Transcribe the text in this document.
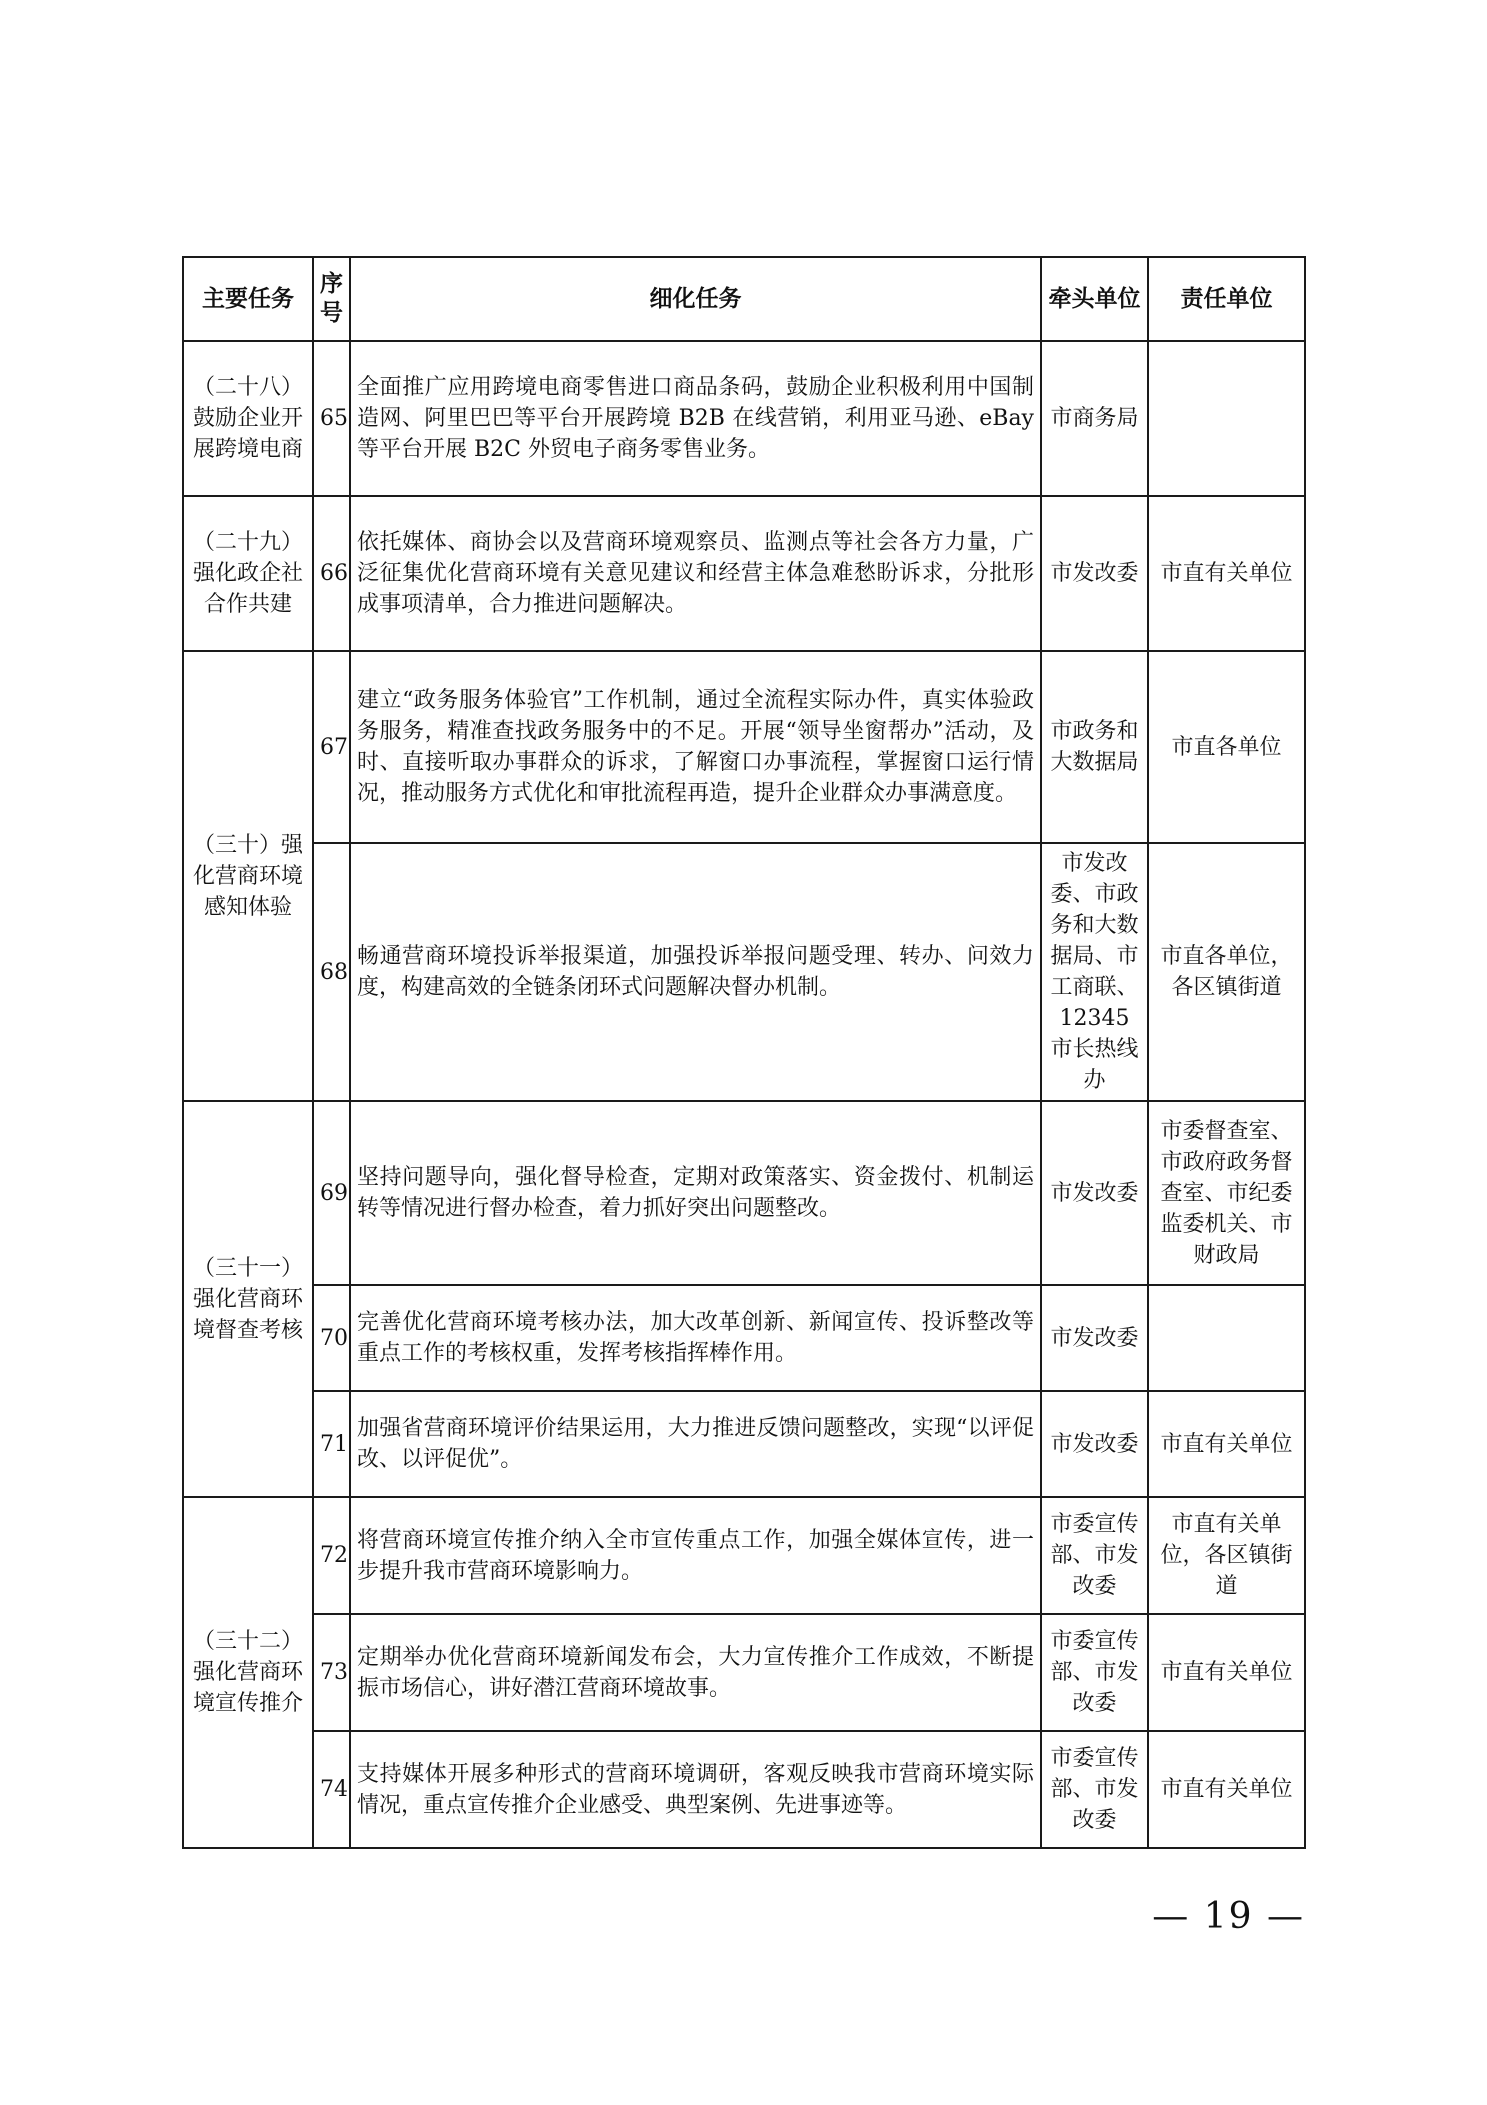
主要任务	序号	细化任务	牵头单位	责任单位
（二十八）鼓励企业开展跨境电商	65	全面推广应用跨境电商零售进口商品条码，鼓励企业积极利用中国制造网、阿里巴巴等平台开展跨境 B2B 在线营销，利用亚马逊、eBay 等平台开展 B2C 外贸电子商务零售业务。	市商务局	
（二十九）强化政企社合作共建	66	依托媒体、商协会以及营商环境观察员、监测点等社会各方力量，广泛征集优化营商环境有关意见建议和经营主体急难愁盼诉求，分批形成事项清单，合力推进问题解决。	市发改委	市直有关单位
（三十）强化营商环境感知体验	67	建立“政务服务体验官”工作机制，通过全流程实际办件，真实体验政务服务，精准查找政务服务中的不足。开展“领导坐窗帮办”活动，及时、直接听取办事群众的诉求，了解窗口办事流程，掌握窗口运行情况，推动服务方式优化和审批流程再造，提升企业群众办事满意度。	市政务和大数据局	市直各单位
	68	畅通营商环境投诉举报渠道，加强投诉举报问题受理、转办、问效力度，构建高效的全链条闭环式问题解决督办机制。	市发改委、市政务和大数据局、市工商联、12345 市长热线办	市直各单位，各区镇街道
（三十一）强化营商环境督查考核	69	坚持问题导向，强化督导检查，定期对政策落实、资金拨付、机制运转等情况进行督办检查，着力抓好突出问题整改。	市发改委	市委督查室、市政府政务督查室、市纪委监委机关、市财政局
	70	完善优化营商环境考核办法，加大改革创新、新闻宣传、投诉整改等重点工作的考核权重，发挥考核指挥棒作用。	市发改委	
	71	加强省营商环境评价结果运用，大力推进反馈问题整改，实现“以评促改、以评促优”。	市发改委	市直有关单位
（三十二）强化营商环境宣传推介	72	将营商环境宣传推介纳入全市宣传重点工作，加强全媒体宣传，进一步提升我市营商环境影响力。	市委宣传部、市发改委	市直有关单位，各区镇街道
	73	定期举办优化营商环境新闻发布会，大力宣传推介工作成效，不断提振市场信心，讲好潜江营商环境故事。	市委宣传部、市发改委	市直有关单位
	74	支持媒体开展多种形式的营商环境调研，客观反映我市营商环境实际情况，重点宣传推介企业感受、典型案例、先进事迹等。	市委宣传部、市发改委	市直有关单位
— 19 —
